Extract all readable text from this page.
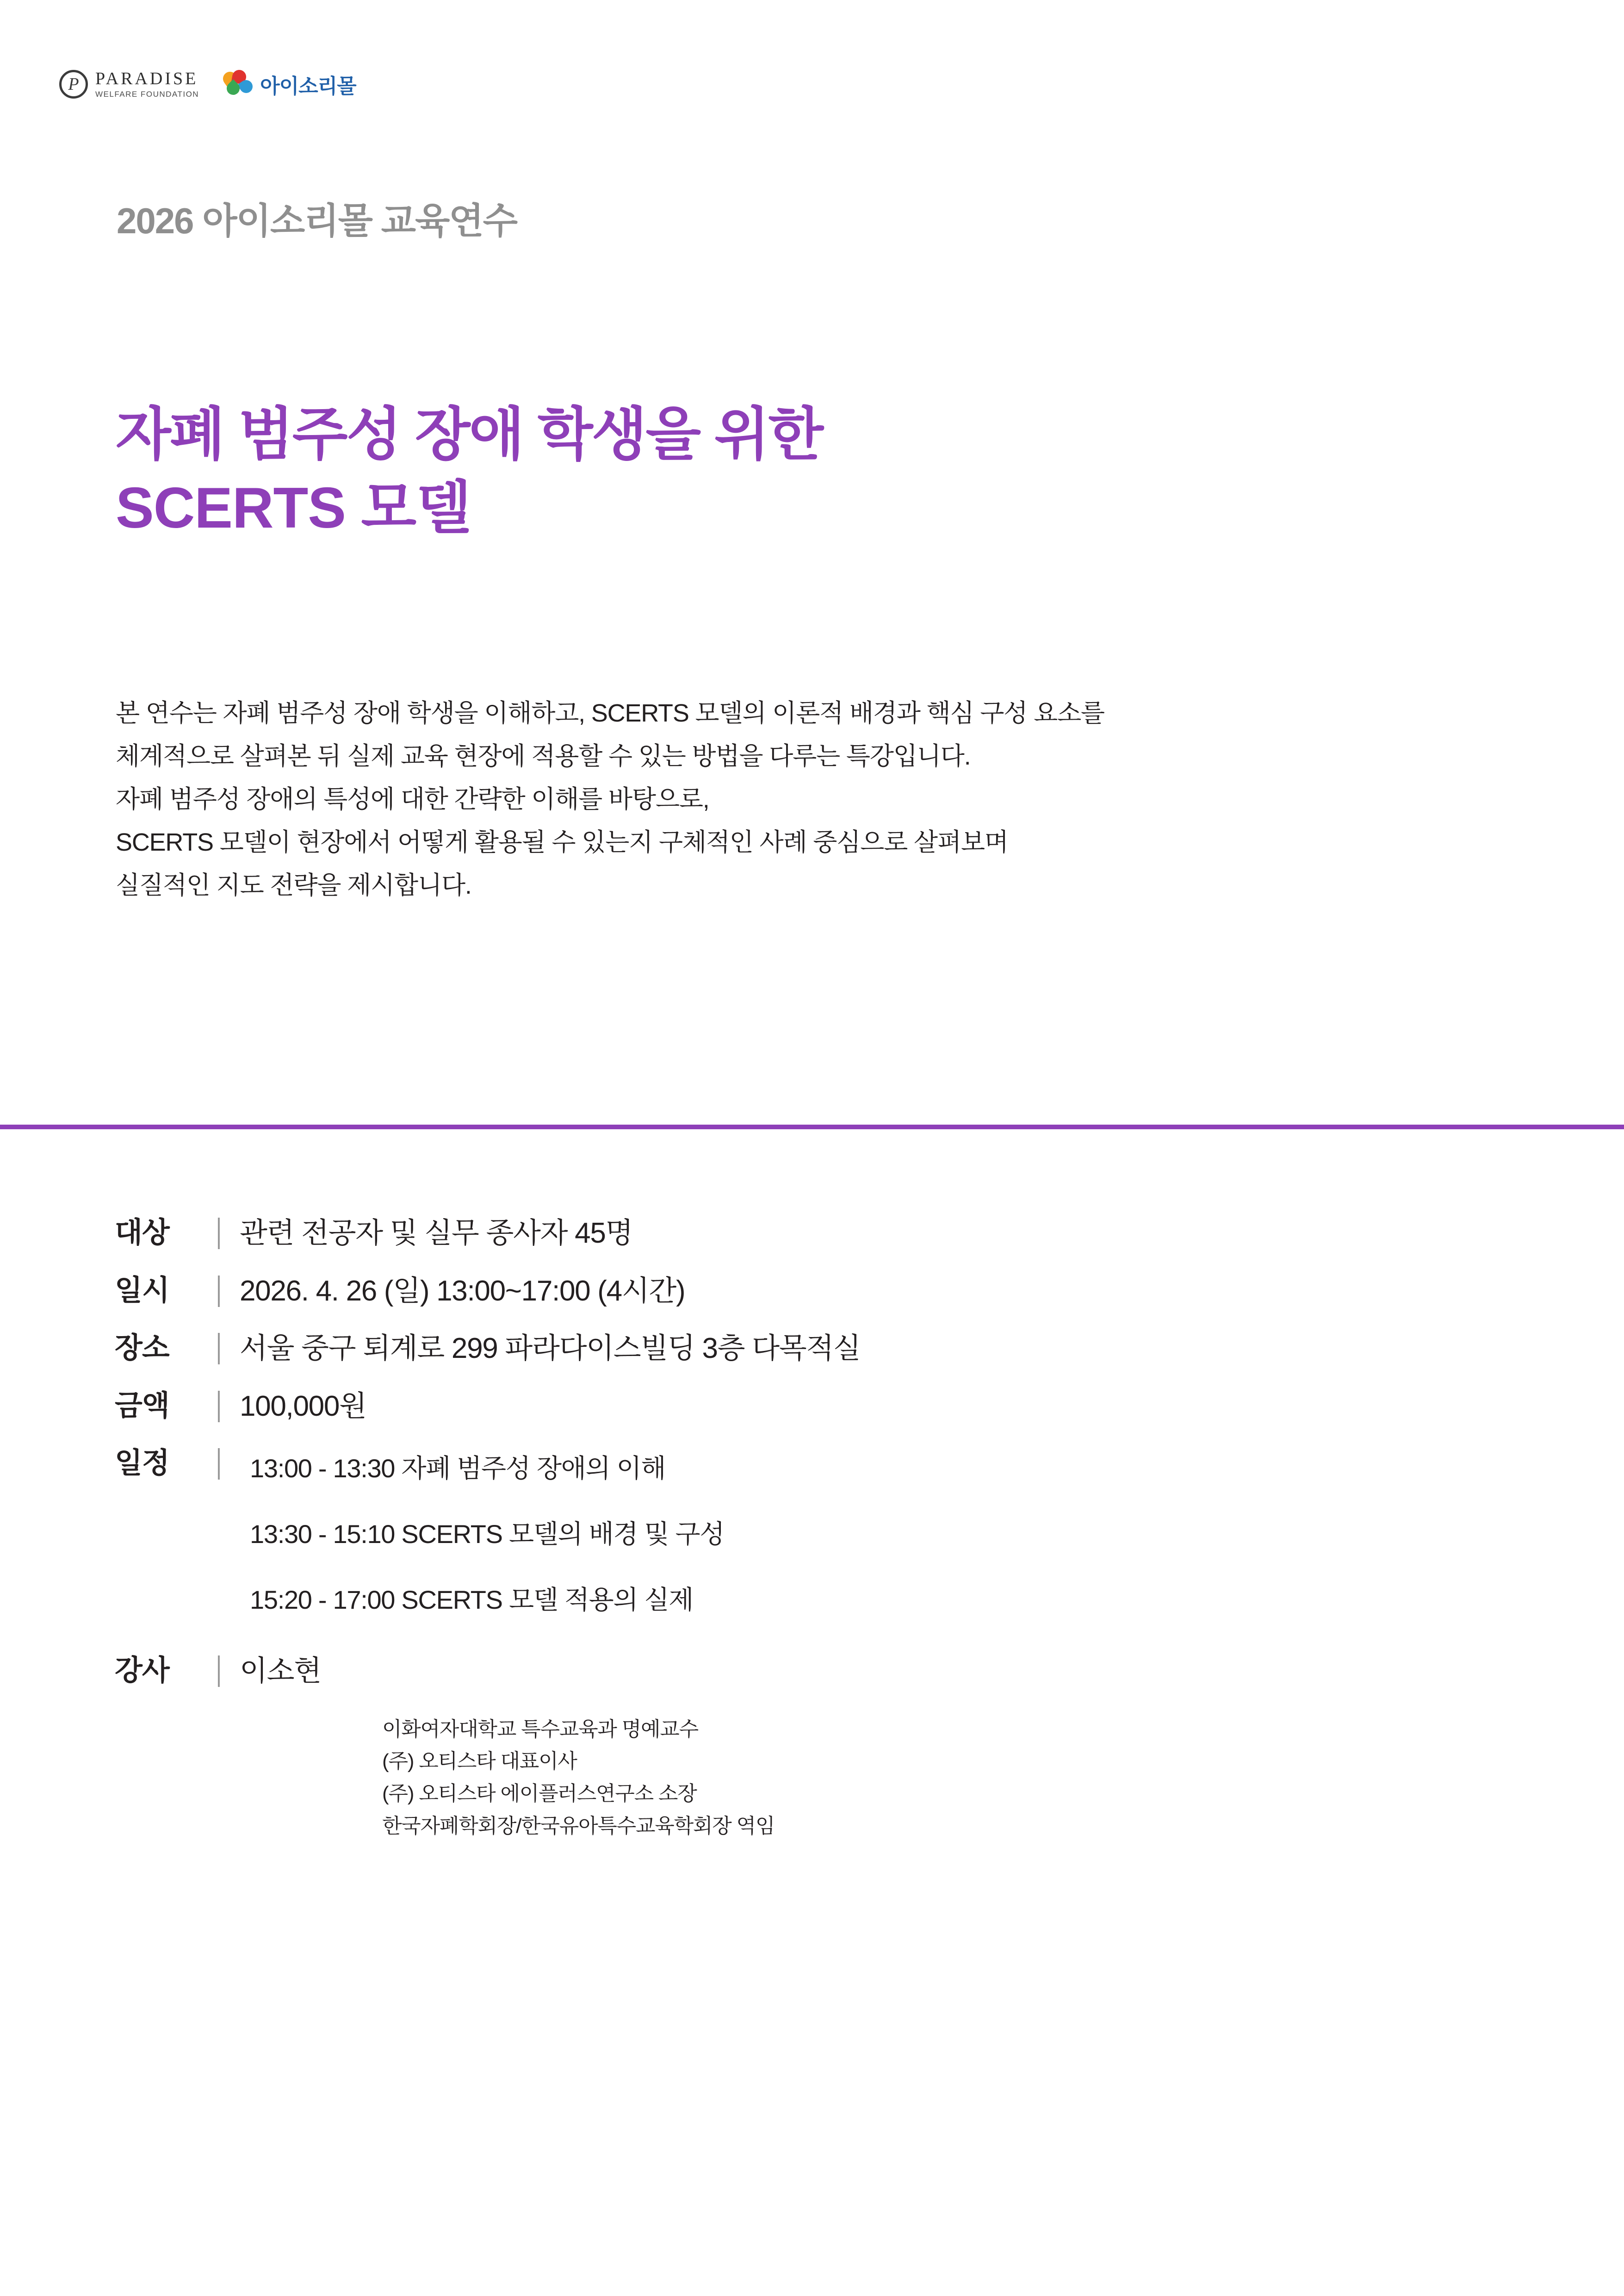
P PARADISE
WELFARE FOUNDATION	아이소리몰
2026 아이소리몰 교육연수
자폐 범주성 장애 학생을 위한
SCERTS 모델
본 연수는 자폐 범주성 장애 학생을 이해하고, SCERTS 모델의 이론적 배경과 핵심 구성 요소를
체계적으로 살펴본 뒤 실제 교육 현장에 적용할 수 있는 방법을 다루는 특강입니다.
자폐 범주성 장애의 특성에 대한 간략한 이해를 바탕으로,
SCERTS 모델이 현장에서 어떻게 활용될 수 있는지 구체적인 사례 중심으로 살펴보며
실질적인 지도 전략을 제시합니다.
대상	│ 관련 전공자 및 실무 종사자 45명
일시	│ 2026. 4. 26 (일) 13:00~17:00 (4시간)
장소	│ 서울 중구 퇴계로 299 파라다이스빌딩 3층 다목적실
금액	│ 100,000원
일정	│ 13:00 - 13:30 자폐 범주성 장애의 이해
13:30 - 15:10 SCERTS 모델의 배경 및 구성
15:20 - 17:00 SCERTS 모델 적용의 실제
강사	│ 이소현
이화여자대학교 특수교육과 명예교수
(주) 오티스타 대표이사
(주) 오티스타 에이플러스연구소 소장
한국자폐학회장/한국유아특수교육학회장 역임
